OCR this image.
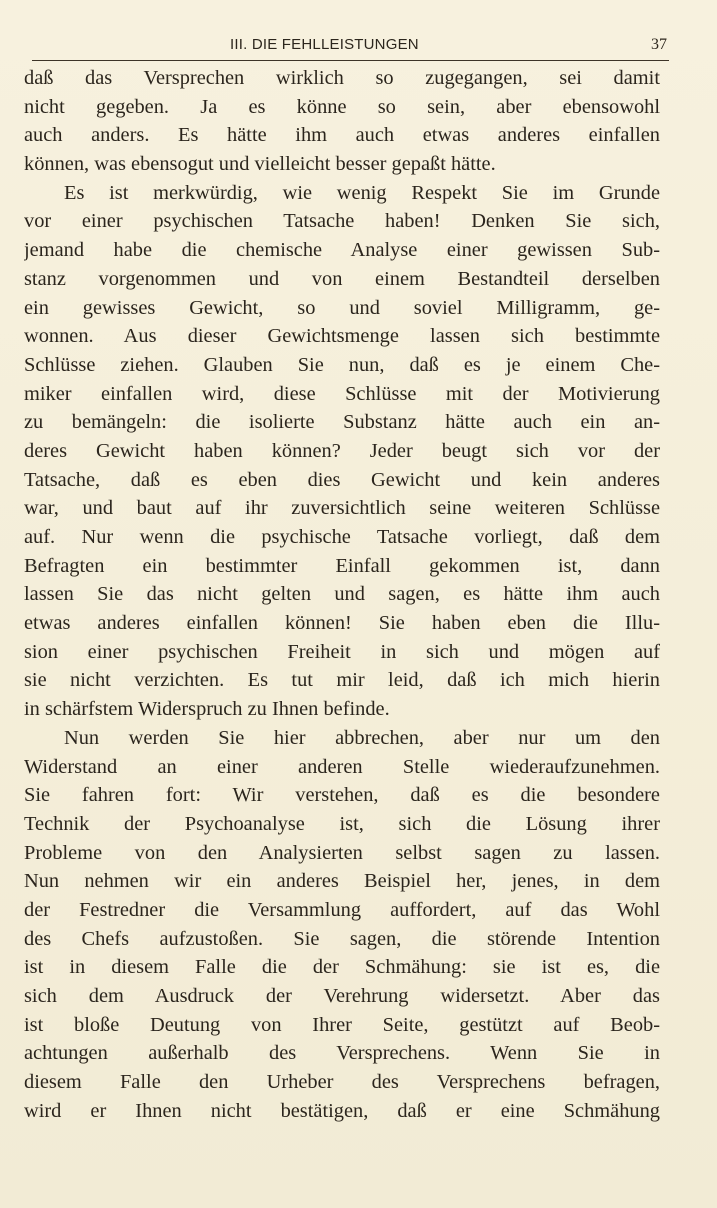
III. DIE FEHLLEISTUNGEN	37
daß das Versprechen wirklich so zugegangen, sei damit
nicht gegeben. Ja es könne so sein, aber ebensowohl
auch anders. Es hätte ihm auch etwas anderes einfallen
können, was ebensogut und vielleicht besser gepaßt hätte.
Es ist merkwürdig, wie wenig Respekt Sie im Grunde
vor einer psychischen Tatsache haben! Denken Sie sich,
jemand habe die chemische Analyse einer gewissen Sub-
stanz vorgenommen und von einem Bestandteil derselben
ein gewisses Gewicht, so und soviel Milligramm, ge-
wonnen. Aus dieser Gewichtsmenge lassen sich bestimmte
Schlüsse ziehen. Glauben Sie nun, daß es je einem Che-
miker einfallen wird, diese Schlüsse mit der Motivierung
zu bemängeln: die isolierte Substanz hätte auch ein an-
deres Gewicht haben können? Jeder beugt sich vor der
Tatsache, daß es eben dies Gewicht und kein anderes
war, und baut auf ihr zuversichtlich seine weiteren Schlüsse
auf. Nur wenn die psychische Tatsache vorliegt, daß dem
Befragten ein bestimmter Einfall gekommen ist, dann
lassen Sie das nicht gelten und sagen, es hätte ihm auch
etwas anderes einfallen können! Sie haben eben die Illu-
sion einer psychischen Freiheit in sich und mögen auf
sie nicht verzichten. Es tut mir leid, daß ich mich hierin
in schärfstem Widerspruch zu Ihnen befinde.
Nun werden Sie hier abbrechen, aber nur um den
Widerstand an einer anderen Stelle wiederaufzunehmen.
Sie fahren fort: Wir verstehen, daß es die besondere
Technik der Psychoanalyse ist, sich die Lösung ihrer
Probleme von den Analysierten selbst sagen zu lassen.
Nun nehmen wir ein anderes Beispiel her, jenes, in dem
der Festredner die Versammlung auffordert, auf das Wohl
des Chefs aufzustoßen. Sie sagen, die störende Intention
ist in diesem Falle die der Schmähung: sie ist es, die
sich dem Ausdruck der Verehrung widersetzt. Aber das
ist bloße Deutung von Ihrer Seite, gestützt auf Beob-
achtungen außerhalb des Versprechens. Wenn Sie in
diesem Falle den Urheber des Versprechens befragen,
wird er Ihnen nicht bestätigen, daß er eine Schmähung
